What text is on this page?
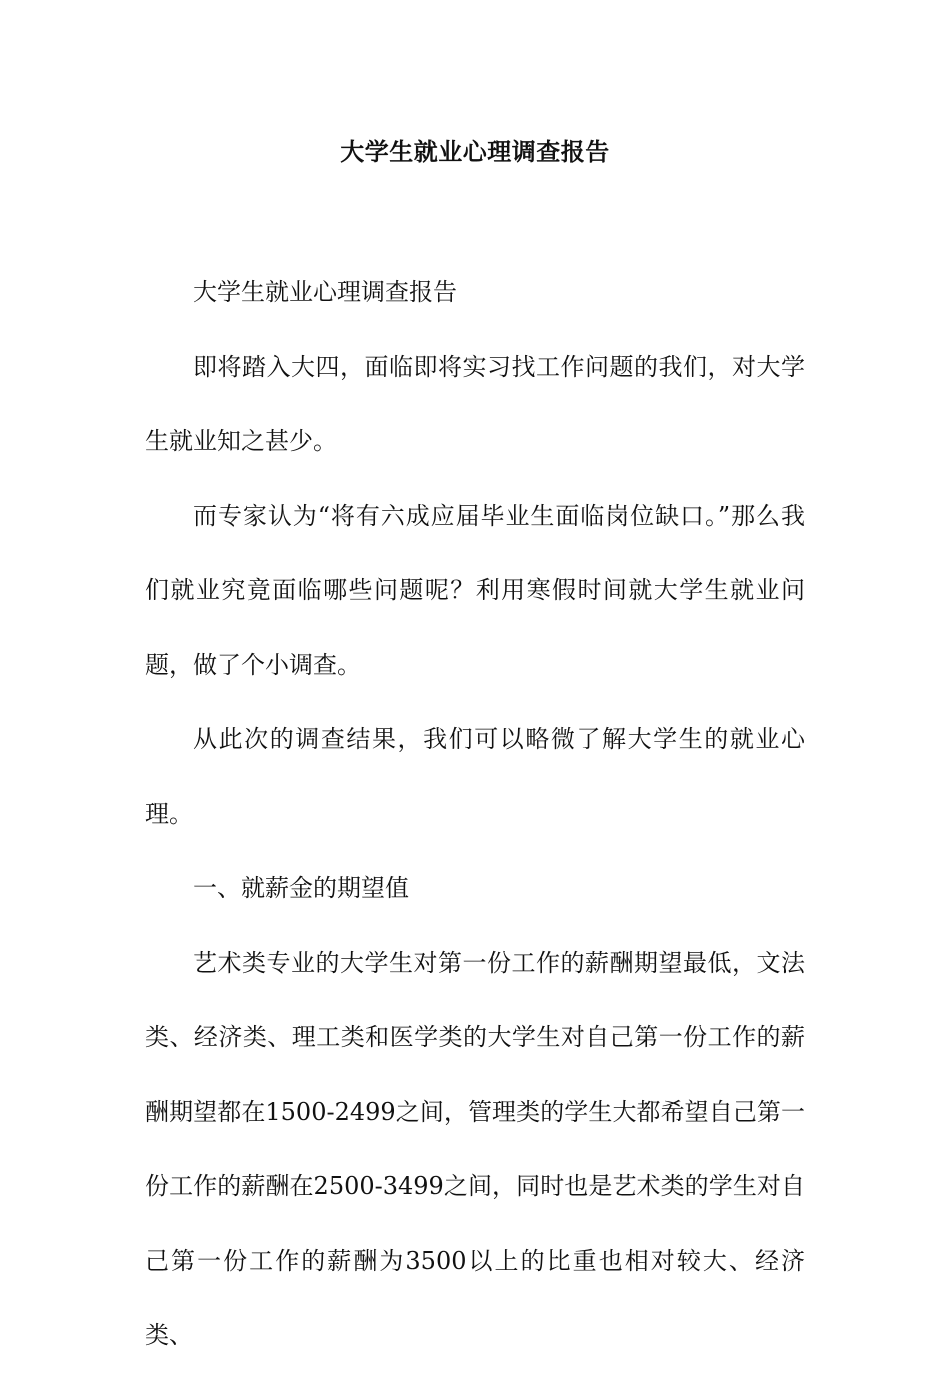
大学生就业心理调查报告

大学生就业心理调查报告

即将踏入大四，面临即将实习找工作问题的我们，对大学生就业知之甚少。

而专家认为“将有六成应届毕业生面临岗位缺口。”那么我们就业究竟面临哪些问题呢？利用寒假时间就大学生就业问题，做了个小调查。

从此次的调查结果，我们可以略微了解大学生的就业心理。

一、就薪金的期望值

艺术类专业的大学生对第一份工作的薪酬期望最低，文法类、经济类、理工类和医学类的大学生对自己第一份工作的薪酬期望都在1500-2499之间，管理类的学生大都希望自己第一份工作的薪酬在2500-3499之间，同时也是艺术类的学生对自己第一份工作的薪酬为3500以上的比重也相对较大、经济类、
